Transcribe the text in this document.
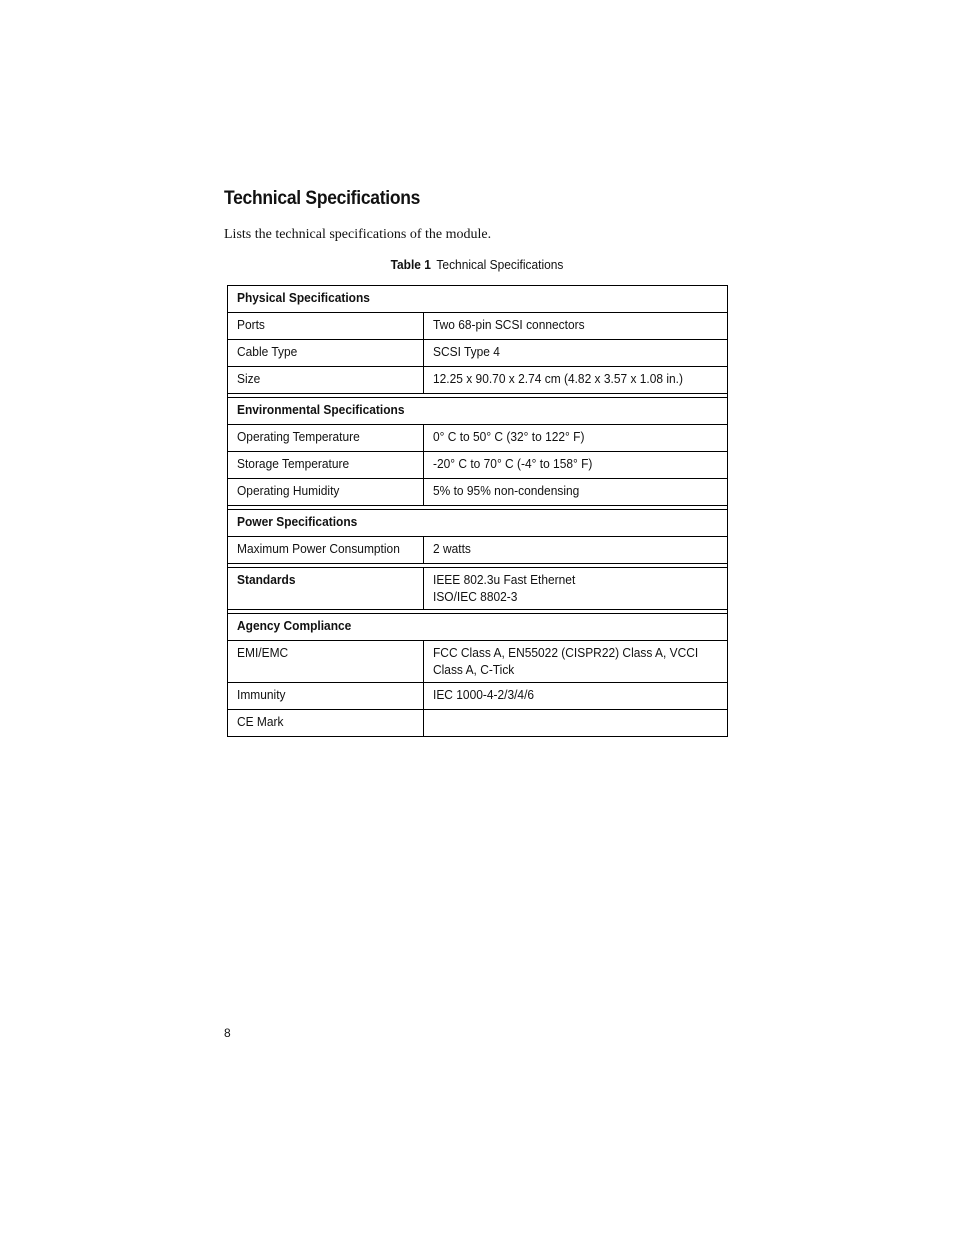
Technical Specifications

Lists the technical specifications of the module.

Table 1 Technical Specifications
Physical Specifications	
Ports	Two 68-pin SCSI connectors
Cable Type	SCSI Type 4
Size	12.25 x 90.70 x 2.74 cm (4.82 x 3.57 x 1.08 in.)

Environmental Specifications	
Operating Temperature	0° C to 50° C (32° to 122° F)
Storage Temperature	-20° C to 70° C (-4° to 158° F)
Operating Humidity	5% to 95% non-condensing

Power Specifications	
Maximum Power Consumption	2 watts

Standards	IEEE 802.3u Fast Ethernet
ISO/IEC 8802-3

Agency Compliance	
EMI/EMC	FCC Class A, EN55022 (CISPR22) Class A, VCCI Class A, C-Tick
Immunity	IEC 1000-4-2/3/4/6
CE Mark	
8
